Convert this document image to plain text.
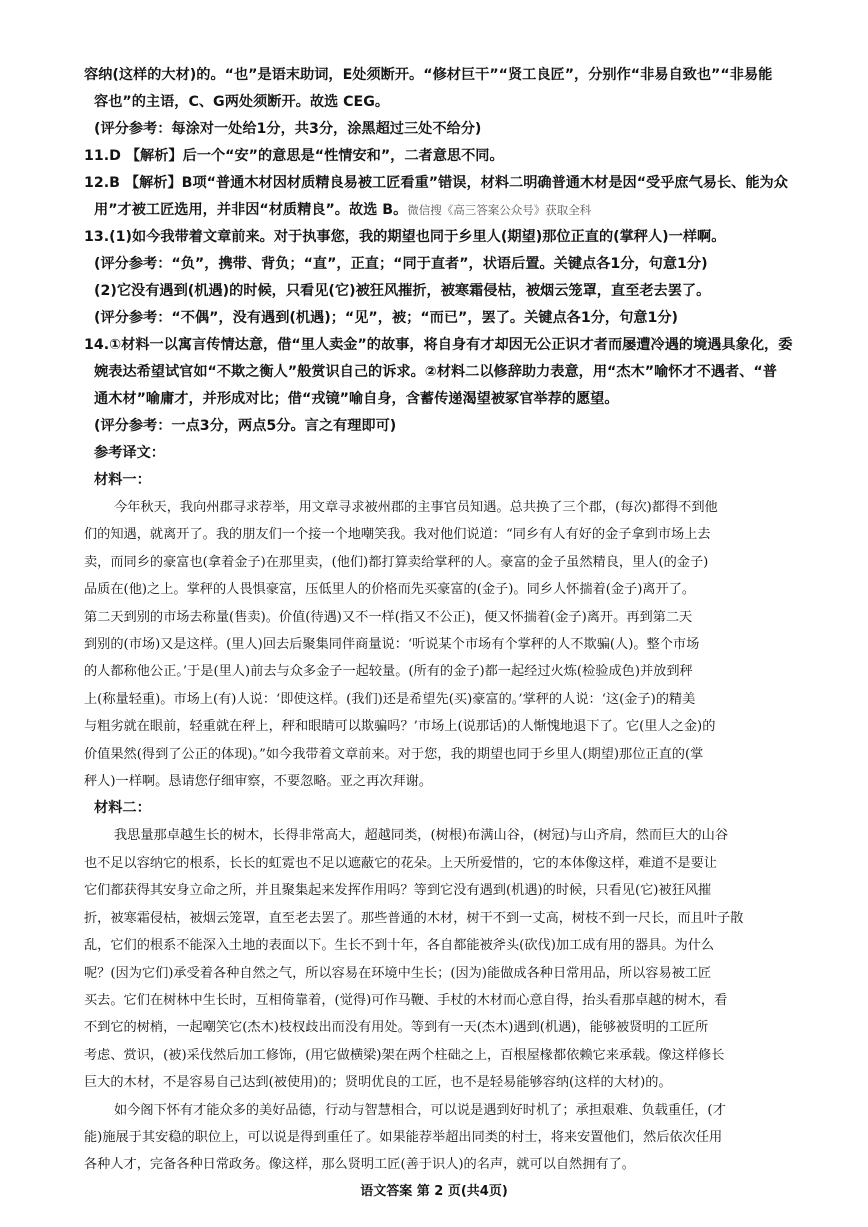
容纳(这样的大材)的。“也”是语末助词，E处须断开。“修材巨干”“贤工良匠”，分别作“非易自致也”“非易能

容也”的主语，C、G两处须断开。故选 CEG。

(评分参考：每涂对一处给1分，共3分，涂黑超过三处不给分)

11.D 【解析】后一个“安”的意思是“性情安和”，二者意思不同。

12.B 【解析】B项“普通木材因材质精良易被工匠看重”错误，材料二明确普通木材是因“受乎庶气易长、能为众

用”才被工匠选用，并非因“材质精良”。故选 B。微信搜《高三答案公众号》获取全科

13.(1)如今我带着文章前来。对于执事您，我的期望也同于乡里人(期望)那位正直的(掌秤人)一样啊。

(评分参考：“负”，携带、背负；“直”，正直；“同于直者”，状语后置。关键点各1分，句意1分)

(2)它没有遇到(机遇)的时候，只看见(它)被狂风摧折，被寒霜侵枯，被烟云笼罩，直至老去罢了。

(评分参考：“不偶”，没有遇到(机遇)；“见”，被；“而已”，罢了。关键点各1分，句意1分)

14.①材料一以寓言传情达意，借“里人卖金”的故事，将自身有才却因无公正识才者而屡遭冷遇的境遇具象化，委

婉表达希望试官如“不欺之衡人”般赏识自己的诉求。②材料二以修辞助力表意，用“杰木”喻怀才不遇者、“普

通木材”喻庸才，并形成对比；借“戎镜”喻自身，含蓄传递渴望被冢官举荐的愿望。

(评分参考：一点3分，两点5分。言之有理即可)

参考译文：

材料一：

今年秋天，我向州郡寻求荐举，用文章寻求被州郡的主事官员知遇。总共换了三个郡，(每次)都得不到他

们的知遇，就离开了。我的朋友们一个接一个地嘲笑我。我对他们说道：“同乡有人有好的金子拿到市场上去

卖，而同乡的豪富也(拿着金子)在那里卖，(他们)都打算卖给掌秤的人。豪富的金子虽然精良，里人(的金子)

品质在(他)之上。掌秤的人畏惧豪富，压低里人的价格而先买豪富的(金子)。同乡人怀揣着(金子)离开了。

第二天到别的市场去称量(售卖)。价值(待遇)又不一样(指又不公正)，便又怀揣着(金子)离开。再到第二天

到别的(市场)又是这样。(里人)回去后聚集同伴商量说：‘听说某个市场有个掌秤的人不欺骗(人)。整个市场

的人都称他公正。’于是(里人)前去与众多金子一起较量。(所有的金子)都一起经过火炼(检验成色)并放到秤

上(称量轻重)。市场上(有)人说：‘即使这样。(我们)还是希望先(买)豪富的。’掌秤的人说：‘这(金子)的精美

与粗劣就在眼前，轻重就在秤上，秤和眼睛可以欺骗吗？’市场上(说那话)的人惭愧地退下了。它(里人之金)的

价值果然(得到了公正的体现)。”如今我带着文章前来。对于您，我的期望也同于乡里人(期望)那位正直的(掌

秤人)一样啊。恳请您仔细审察，不要忽略。亚之再次拜谢。

材料二：

我思量那卓越生长的树木，长得非常高大，超越同类，(树根)布满山谷，(树冠)与山齐肩，然而巨大的山谷

也不足以容纳它的根系，长长的虹霓也不足以遮蔽它的花朵。上天所爱惜的，它的本体像这样，难道不是要让

它们都获得其安身立命之所，并且聚集起来发挥作用吗？等到它没有遇到(机遇)的时候，只看见(它)被狂风摧

折，被寒霜侵枯，被烟云笼罩，直至老去罢了。那些普通的木材，树干不到一丈高，树枝不到一尺长，而且叶子散

乱，它们的根系不能深入土地的表面以下。生长不到十年，各自都能被斧头(砍伐)加工成有用的器具。为什么

呢？(因为它们)承受着各种自然之气，所以容易在环境中生长；(因为)能做成各种日常用品，所以容易被工匠

买去。它们在树林中生长时，互相倚靠着，(觉得)可作马鞭、手杖的木材而心意自得，抬头看那卓越的树木，看

不到它的树梢，一起嘲笑它(杰木)枝杈歧出而没有用处。等到有一天(杰木)遇到(机遇)，能够被贤明的工匠所

考虑、赏识，(被)采伐然后加工修饰，(用它做横梁)架在两个柱础之上，百根屋椽都依赖它来承载。像这样修长

巨大的木材，不是容易自己达到(被使用)的；贤明优良的工匠，也不是轻易能够容纳(这样的大材)的。

如今阁下怀有才能众多的美好品德，行动与智慧相合，可以说是遇到好时机了；承担艰难、负载重任，(才

能)施展于其安稳的职位上，可以说是得到重任了。如果能荐举超出同类的村士，将来安置他们，然后依次任用

各种人才，完备各种日常政务。像这样，那么贤明工匠(善于识人)的名声，就可以自然拥有了。

语文答案 第 2 页(共4页)
